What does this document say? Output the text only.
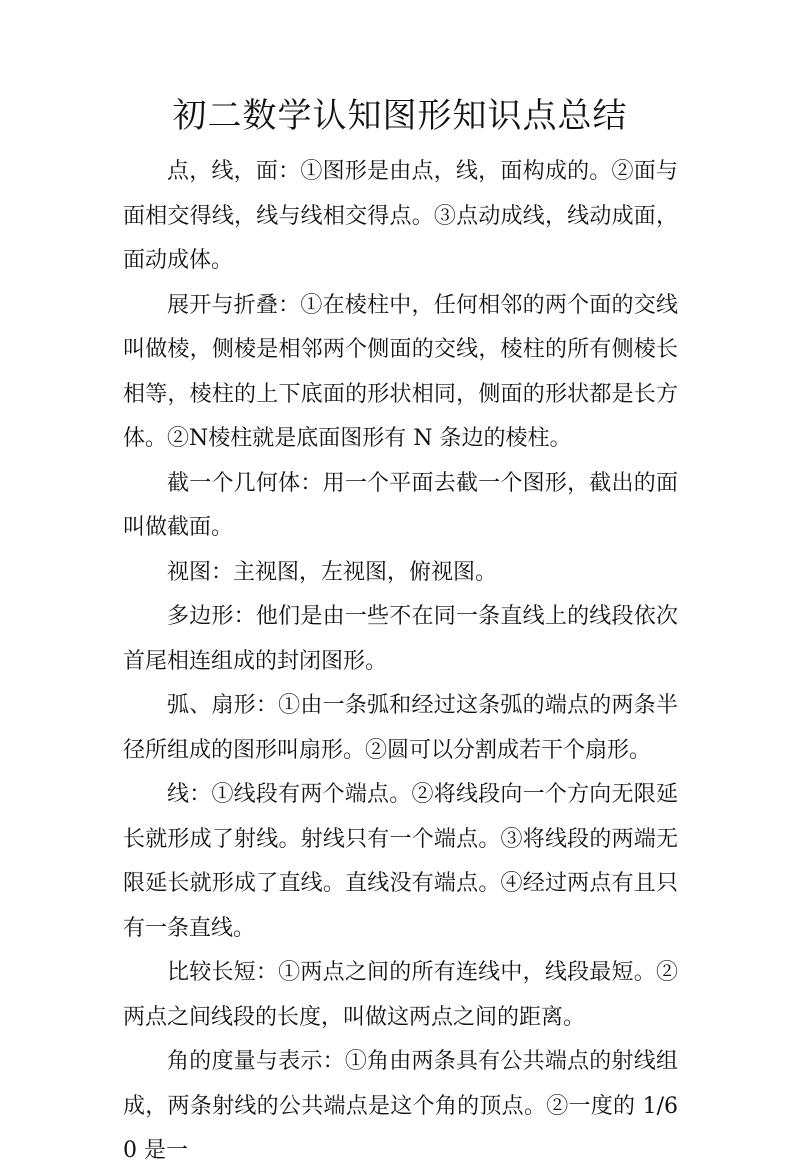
初二数学认知图形知识点总结

点，线，面：①图形是由点，线，面构成的。②面与面相交得线，线与线相交得点。③点动成线，线动成面，面动成体。

展开与折叠：①在棱柱中，任何相邻的两个面的交线叫做棱，侧棱是相邻两个侧面的交线，棱柱的所有侧棱长相等，棱柱的上下底面的形状相同，侧面的形状都是长方体。②N棱柱就是底面图形有 N 条边的棱柱。

截一个几何体：用一个平面去截一个图形，截出的面叫做截面。

视图：主视图，左视图，俯视图。

多边形：他们是由一些不在同一条直线上的线段依次首尾相连组成的封闭图形。

弧、扇形：①由一条弧和经过这条弧的端点的两条半径所组成的图形叫扇形。②圆可以分割成若干个扇形。

线：①线段有两个端点。②将线段向一个方向无限延长就形成了射线。射线只有一个端点。③将线段的两端无限延长就形成了直线。直线没有端点。④经过两点有且只有一条直线。

比较长短：①两点之间的所有连线中，线段最短。②两点之间线段的长度，叫做这两点之间的距离。

角的度量与表示：①角由两条具有公共端点的射线组成，两条射线的公共端点是这个角的顶点。②一度的 1/60 是一
